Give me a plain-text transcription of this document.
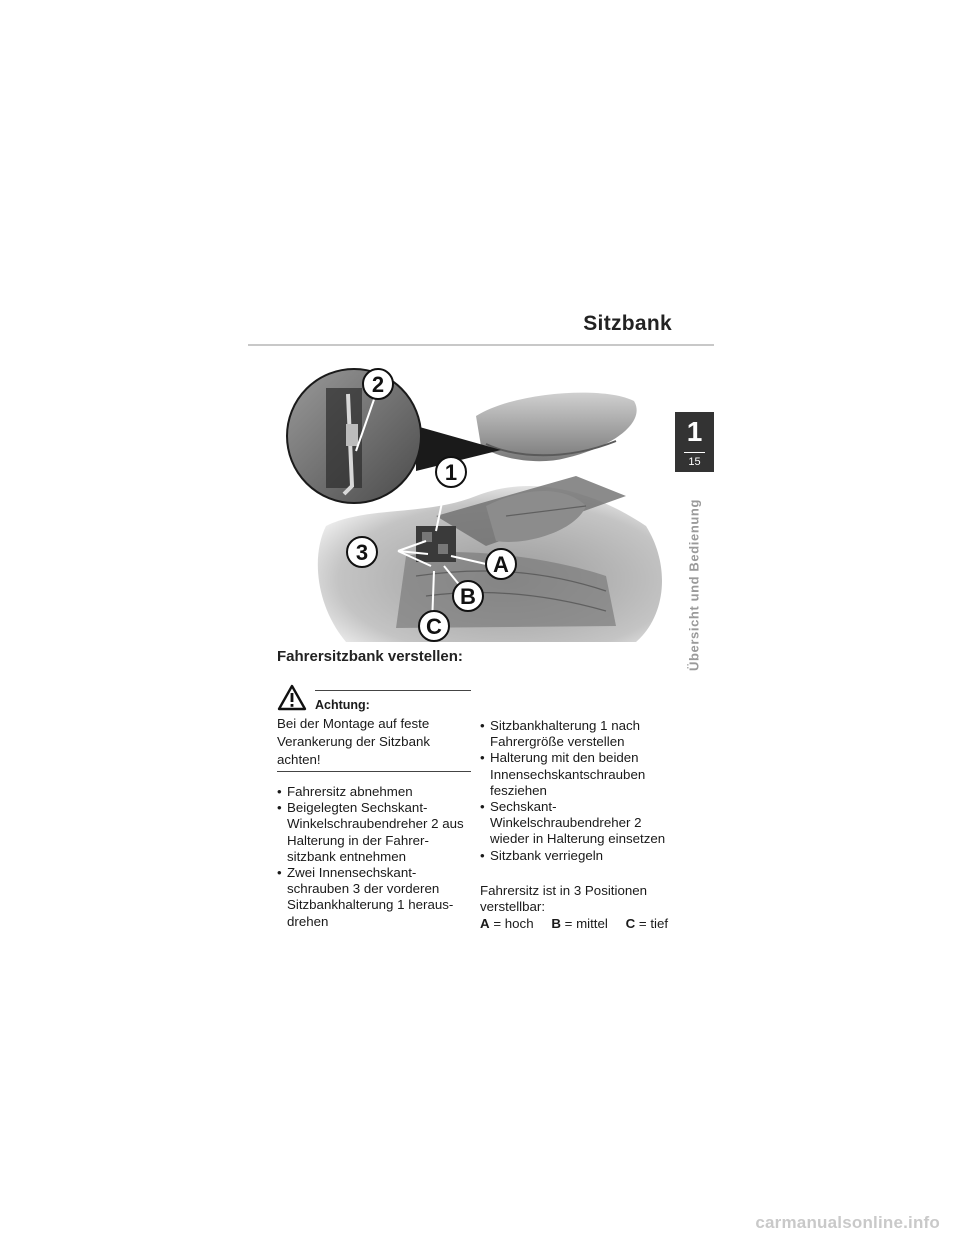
Sitzbank
1
15
Übersicht und Bedienung
2
1
3	A
B
C
Fahrersitzbank verstellen:
Achtung:
Bei der Montage auf feste Verankerung der Sitzbank achten!
• Fahrersitz abnehmen
• Beigelegten Sechskant-Winkelschraubendreher 2 aus Halterung in der Fahrer-sitzbank entnehmen
• Zwei Innensechskant-schrauben 3 der vorderen Sitzbankhalterung 1 heraus-drehen
• Sitzbankhalterung 1 nach Fahrergröße verstellen
• Halterung mit den beiden Innensechskantschrauben fesziehen
• Sechskant-Winkelschraubendreher 2 wieder in Halterung einsetzen
• Sitzbank verriegeln
Fahrersitz ist in 3 Positionen verstellbar:
A = hoch B = mittel C = tief
carmanualsonline.info
